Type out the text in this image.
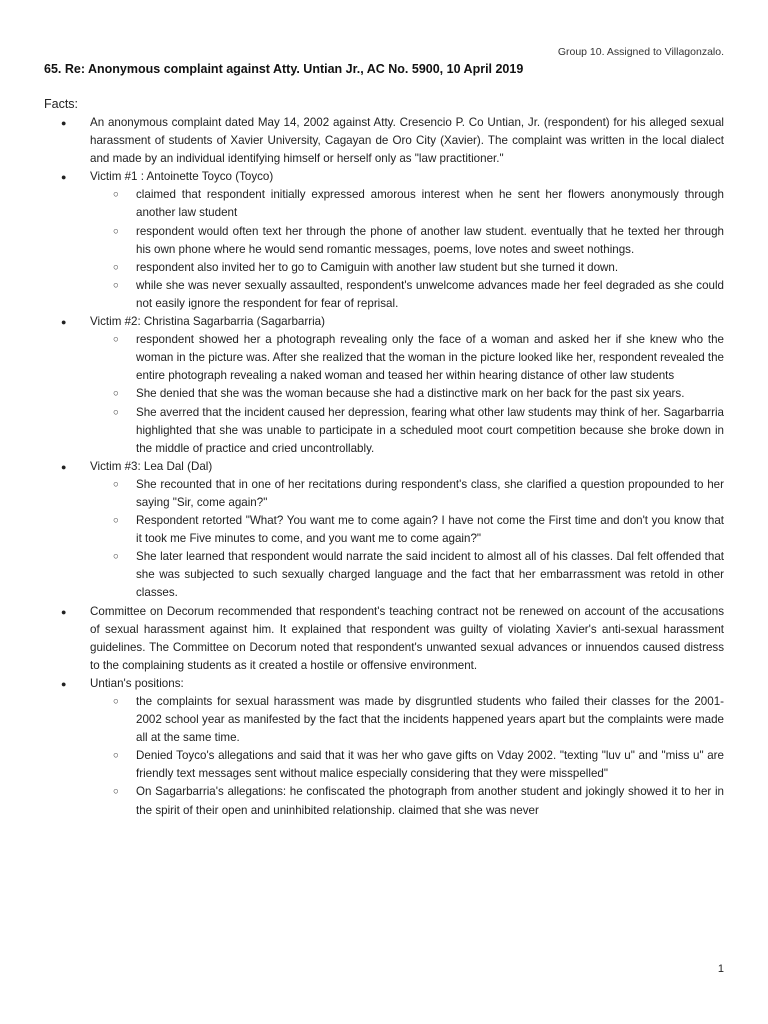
Group 10. Assigned to Villagonzalo.
65. Re: Anonymous complaint against Atty. Untian Jr., AC No. 5900, 10 April 2019
Facts:
● An anonymous complaint dated May 14, 2002 against Atty. Cresencio P. Co Untian, Jr. (respondent) for his alleged sexual harassment of students of Xavier University, Cagayan de Oro City (Xavier). The complaint was written in the local dialect and made by an individual identifying himself or herself only as "law practitioner."
● Victim #1 : Antoinette Toyco (Toyco)
○ claimed that respondent initially expressed amorous interest when he sent her flowers anonymously through another law student
○ respondent would often text her through the phone of another law student. eventually that he texted her through his own phone where he would send romantic messages, poems, love notes and sweet nothings.
○ respondent also invited her to go to Camiguin with another law student but she turned it down.
○ while she was never sexually assaulted, respondent's unwelcome advances made her feel degraded as she could not easily ignore the respondent for fear of reprisal.
● Victim #2: Christina Sagarbarria (Sagarbarria)
○ respondent showed her a photograph revealing only the face of a woman and asked her if she knew who the woman in the picture was. After she realized that the woman in the picture looked like her, respondent revealed the entire photograph revealing a naked woman and teased her within hearing distance of other law students
○ She denied that she was the woman because she had a distinctive mark on her back for the past six years.
○ She averred that the incident caused her depression, fearing what other law students may think of her. Sagarbarria highlighted that she was unable to participate in a scheduled moot court competition because she broke down in the middle of practice and cried uncontrollably.
● Victim #3: Lea Dal (Dal)
○ She recounted that in one of her recitations during respondent's class, she clarified a question propounded to her saying "Sir, come again?"
○ Respondent retorted "What? You want me to come again? I have not come the First time and don't you know that it took me Five minutes to come, and you want me to come again?"
○ She later learned that respondent would narrate the said incident to almost all of his classes. Dal felt offended that she was subjected to such sexually charged language and the fact that her embarrassment was retold in other classes.
● Committee on Decorum recommended that respondent's teaching contract not be renewed on account of the accusations of sexual harassment against him. It explained that respondent was guilty of violating Xavier's anti-sexual harassment guidelines. The Committee on Decorum noted that respondent's unwanted sexual advances or innuendos caused distress to the complaining students as it created a hostile or offensive environment.
● Untian's positions:
○ the complaints for sexual harassment was made by disgruntled students who failed their classes for the 2001-2002 school year as manifested by the fact that the incidents happened years apart but the complaints were made all at the same time.
○ Denied Toyco's allegations and said that it was her who gave gifts on Vday 2002. "texting "luv u" and "miss u" are friendly text messages sent without malice especially considering that they were misspelled"
○ On Sagarbarria's allegations: he confiscated the photograph from another student and jokingly showed it to her in the spirit of their open and uninhibited relationship. claimed that she was never
1
